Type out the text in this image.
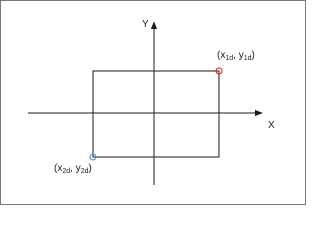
Y
X
($x_{1d}$, $y_{1d}$)
($x_{2d}$, $y_{2d}$)
